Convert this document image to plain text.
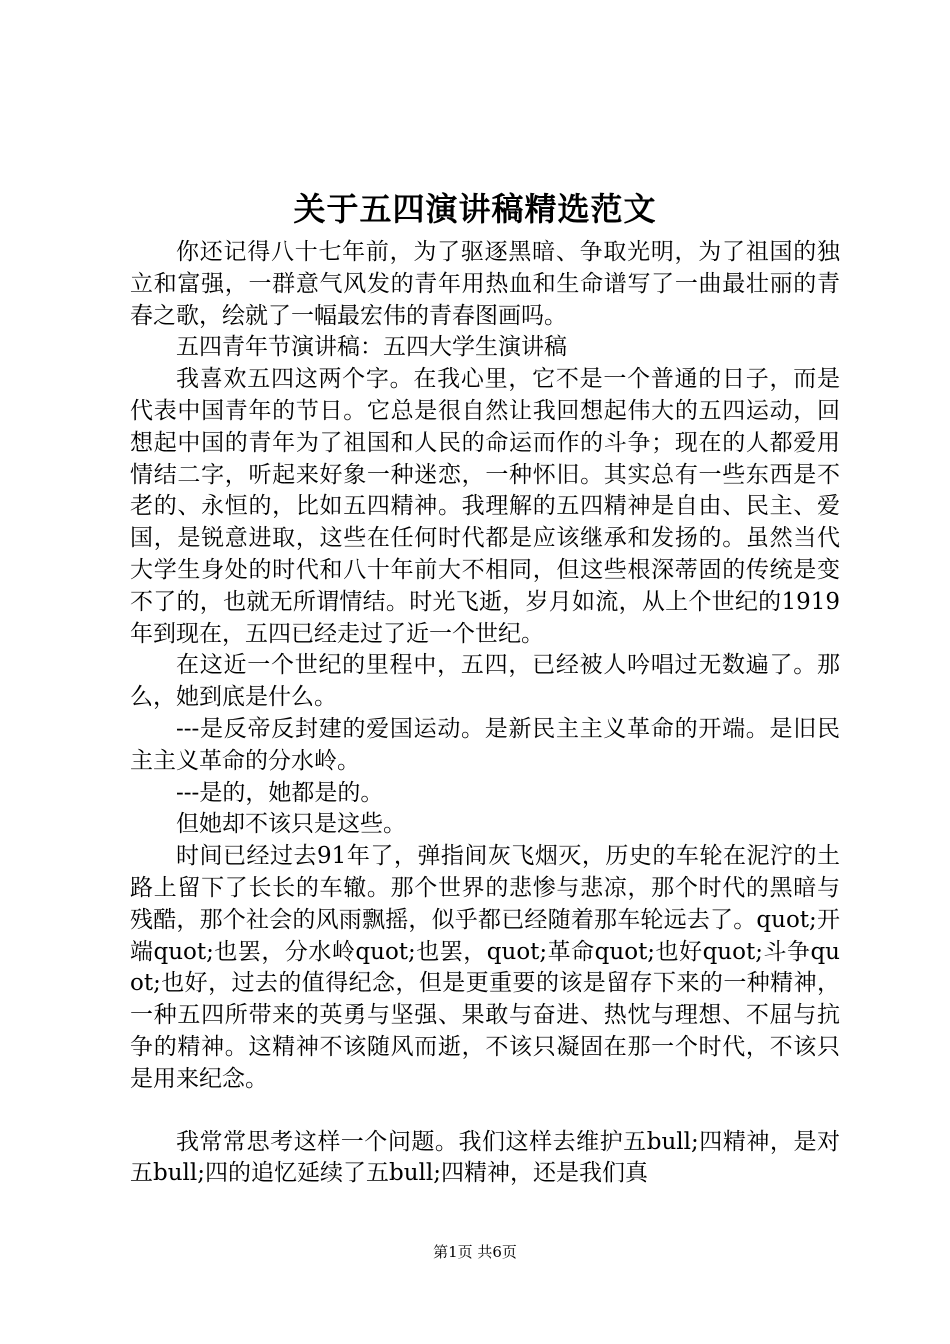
关于五四演讲稿精选范文

你还记得八十七年前，为了驱逐黑暗、争取光明，为了祖国的独立和富强，一群意气风发的青年用热血和生命谱写了一曲最壮丽的青春之歌，绘就了一幅最宏伟的青春图画吗。

五四青年节演讲稿：五四大学生演讲稿

我喜欢五四这两个字。在我心里，它不是一个普通的日子，而是代表中国青年的节日。它总是很自然让我回想起伟大的五四运动，回想起中国的青年为了祖国和人民的命运而作的斗争；现在的人都爱用情结二字，听起来好象一种迷恋，一种怀旧。其实总有一些东西是不老的、永恒的，比如五四精神。我理解的五四精神是自由、民主、爱国，是锐意进取，这些在任何时代都是应该继承和发扬的。虽然当代大学生身处的时代和八十年前大不相同，但这些根深蒂固的传统是变不了的，也就无所谓情结。时光飞逝，岁月如流，从上个世纪的1919年到现在，五四已经走过了近一个世纪。

在这近一个世纪的里程中，五四，已经被人吟唱过无数遍了。那么，她到底是什么。

---是反帝反封建的爱国运动。是新民主主义革命的开端。是旧民主主义革命的分水岭。

---是的，她都是的。

但她却不该只是这些。

时间已经过去91年了，弹指间灰飞烟灭，历史的车轮在泥泞的土路上留下了长长的车辙。那个世界的悲惨与悲凉，那个时代的黑暗与残酷，那个社会的风雨飘摇，似乎都已经随着那车轮远去了。quot;开端quot;也罢，分水岭quot;也罢，quot;革命quot;也好quot;斗争quot;也好，过去的值得纪念，但是更重要的该是留存下来的一种精神，一种五四所带来的英勇与坚强、果敢与奋进、热忱与理想、不屈与抗争的精神。这精神不该随风而逝，不该只凝固在那一个时代，不该只是用来纪念。

我常常思考这样一个问题。我们这样去维护五bull;四精神，是对五bull;四的追忆延续了五bull;四精神，还是我们真

第1页 共6页
